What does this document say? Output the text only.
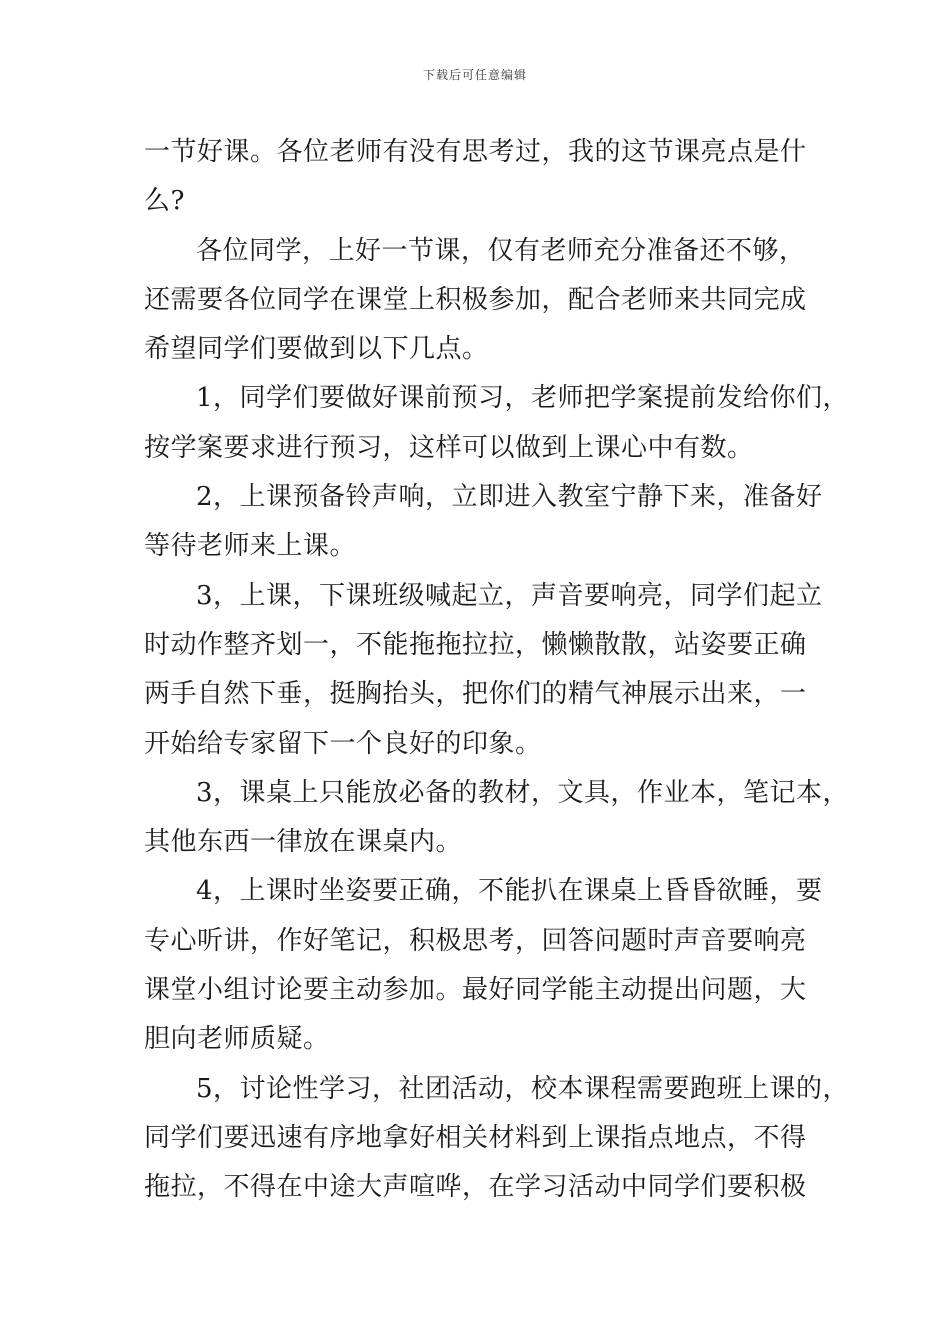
下载后可任意编辑
一节好课。各位老师有没有思考过，我的这节课亮点是什
么?
各位同学，上好一节课，仅有老师充分准备还不够，
还需要各位同学在课堂上积极参加，配合老师来共同完成
希望同学们要做到以下几点。
1，同学们要做好课前预习，老师把学案提前发给你们，
按学案要求进行预习，这样可以做到上课心中有数。
2，上课预备铃声响，立即进入教室宁静下来，准备好
等待老师来上课。
3，上课，下课班级喊起立，声音要响亮，同学们起立
时动作整齐划一，不能拖拖拉拉，懒懒散散，站姿要正确
两手自然下垂，挺胸抬头，把你们的精气神展示出来，一
开始给专家留下一个良好的印象。
3，课桌上只能放必备的教材，文具，作业本，笔记本，
其他东西一律放在课桌内。
4，上课时坐姿要正确，不能扒在课桌上昏昏欲睡，要
专心听讲，作好笔记，积极思考，回答问题时声音要响亮
课堂小组讨论要主动参加。最好同学能主动提出问题，大
胆向老师质疑。
5，讨论性学习，社团活动，校本课程需要跑班上课的，
同学们要迅速有序地拿好相关材料到上课指点地点，不得
拖拉，不得在中途大声喧哗，在学习活动中同学们要积极
